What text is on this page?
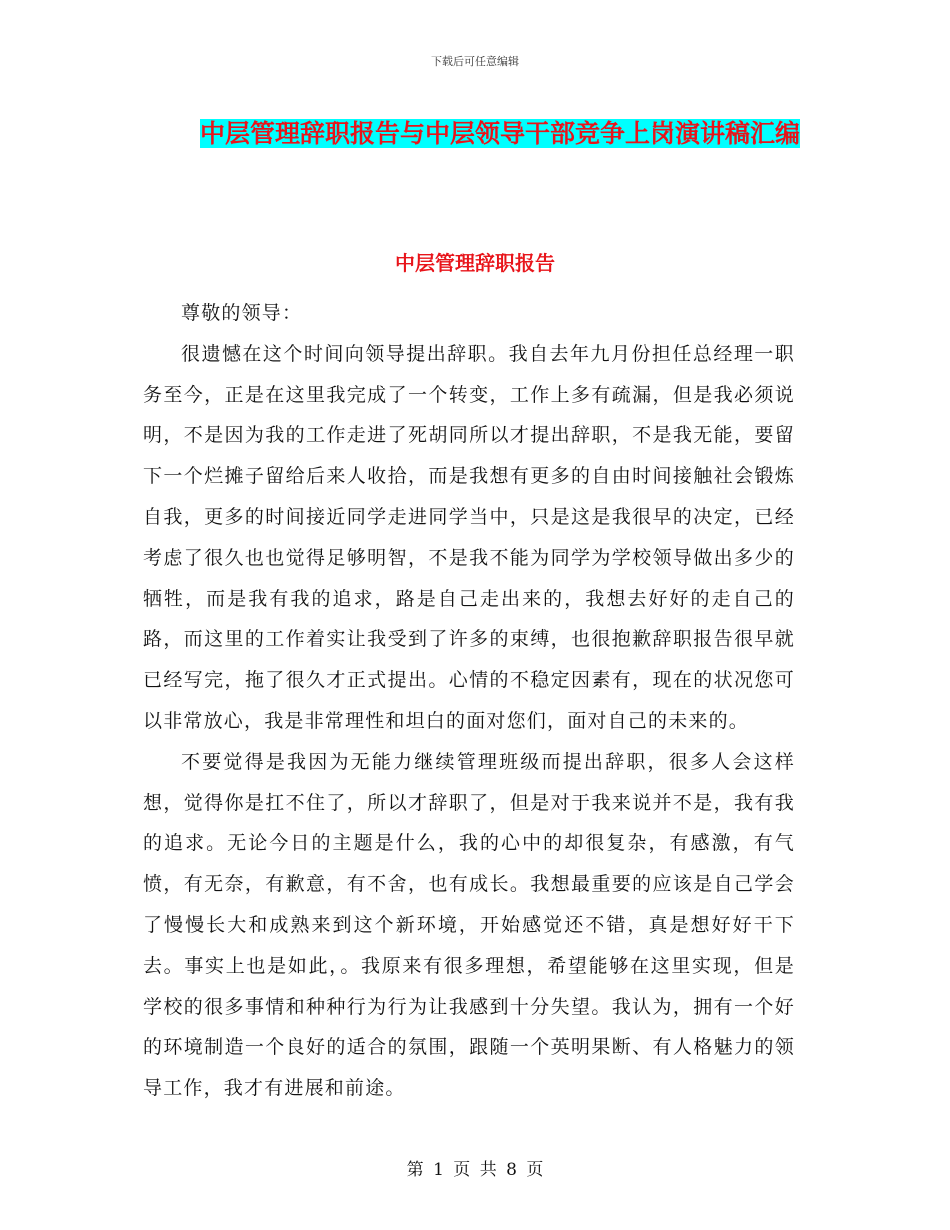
下载后可任意编辑
中层管理辞职报告与中层领导干部竞争上岗演讲稿汇编
中层管理辞职报告

尊敬的领导：

很遗憾在这个时间向领导提出辞职。我自去年九月份担任总经理一职务至今，正是在这里我完成了一个转变，工作上多有疏漏，但是我必须说明，不是因为我的工作走进了死胡同所以才提出辞职，不是我无能，要留下一个烂摊子留给后来人收拾，而是我想有更多的自由时间接触社会锻炼自我，更多的时间接近同学走进同学当中，只是这是我很早的决定，已经考虑了很久也也觉得足够明智，不是我不能为同学为学校领导做出多少的牺牲，而是我有我的追求，路是自己走出来的，我想去好好的走自己的路，而这里的工作着实让我受到了许多的束缚，也很抱歉辞职报告很早就已经写完，拖了很久才正式提出。心情的不稳定因素有，现在的状况您可以非常放心，我是非常理性和坦白的面对您们，面对自己的未来的。

不要觉得是我因为无能力继续管理班级而提出辞职，很多人会这样想，觉得你是扛不住了，所以才辞职了，但是对于我来说并不是，我有我的追求。无论今日的主题是什么，我的心中的却很复杂，有感激，有气愤，有无奈，有歉意，有不舍，也有成长。我想最重要的应该是自己学会了慢慢长大和成熟来到这个新环境，开始感觉还不错，真是想好好干下去。事实上也是如此，。我原来有很多理想，希望能够在这里实现，但是学校的很多事情和种种行为行为让我感到十分失望。我认为，拥有一个好的环境制造一个良好的适合的氛围，跟随一个英明果断、有人格魅力的领导工作，我才有进展和前途。

第 1 页 共 8 页
